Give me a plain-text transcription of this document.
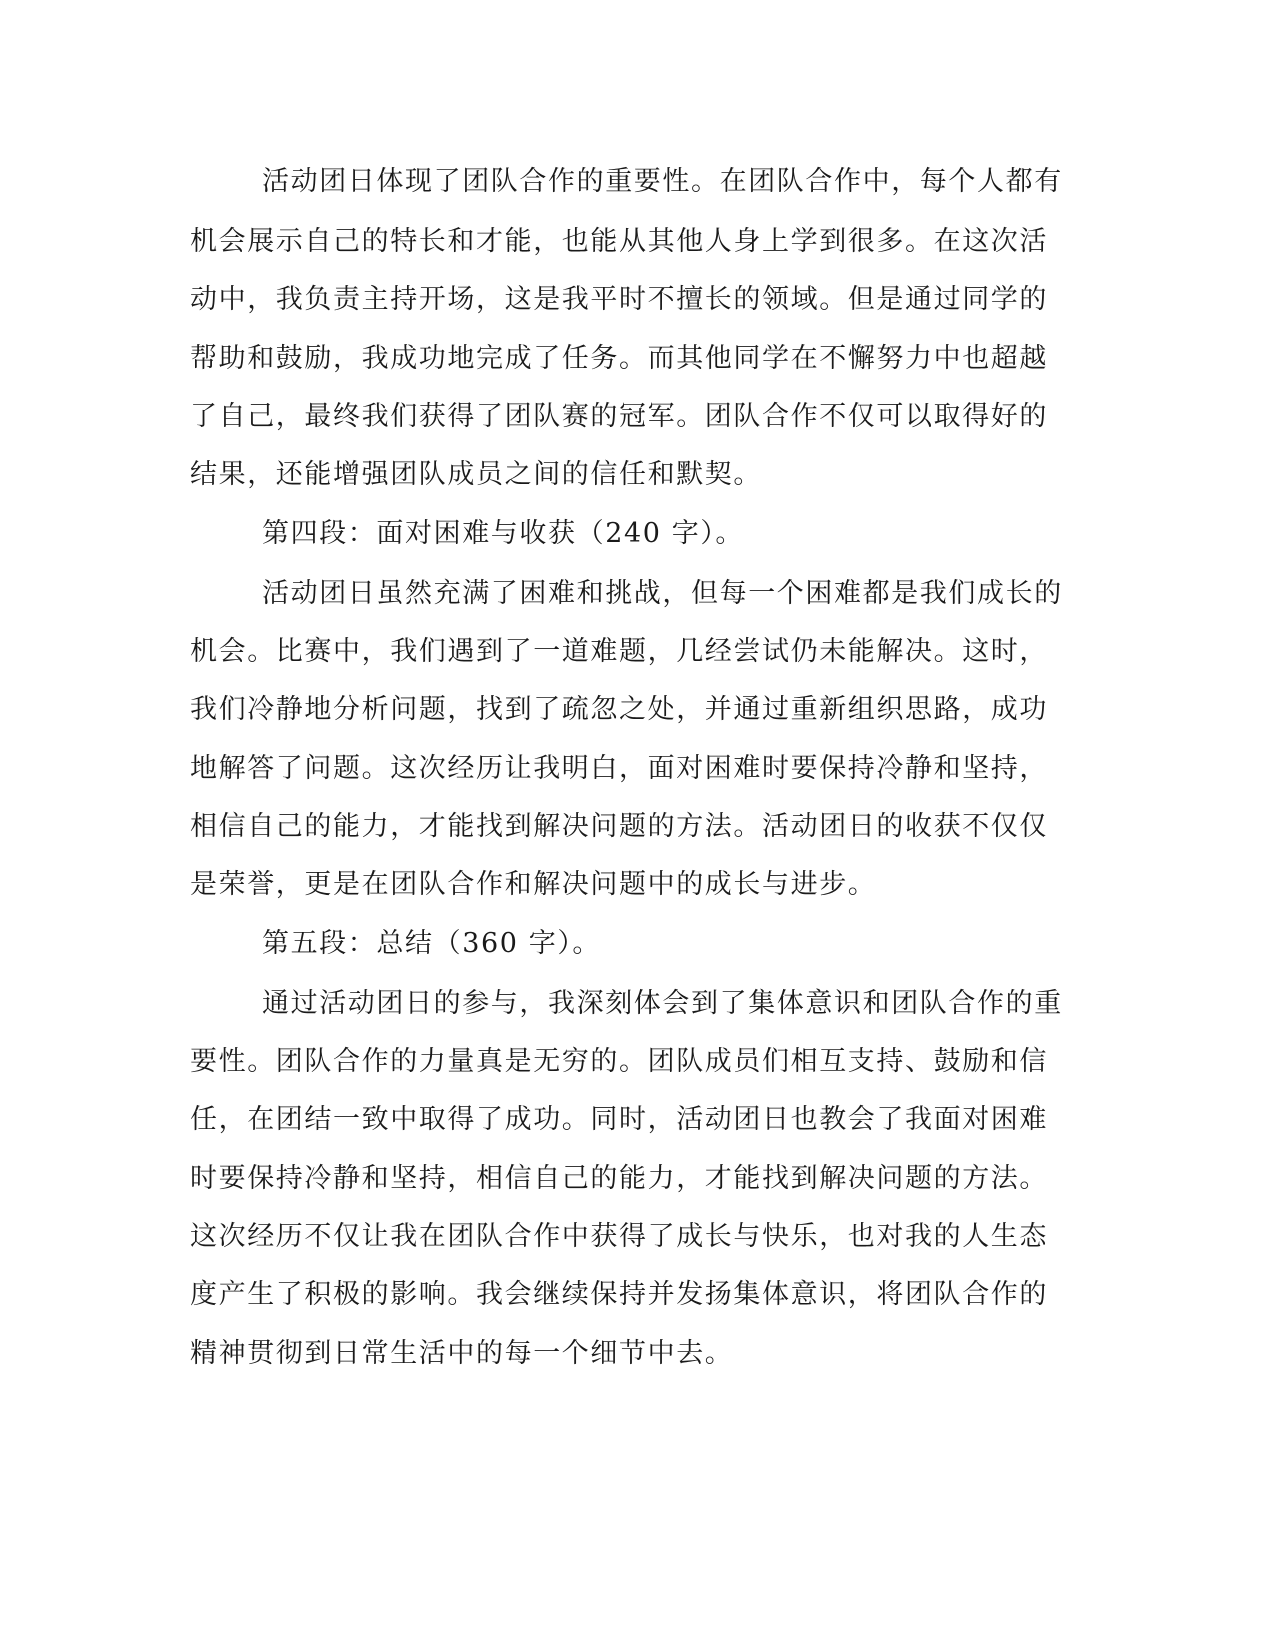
活动团日体现了团队合作的重要性。在团队合作中，每个人都有
机会展示自己的特长和才能，也能从其他人身上学到很多。在这次活
动中，我负责主持开场，这是我平时不擅长的领域。但是通过同学的
帮助和鼓励，我成功地完成了任务。而其他同学在不懈努力中也超越
了自己，最终我们获得了团队赛的冠军。团队合作不仅可以取得好的
结果，还能增强团队成员之间的信任和默契。
第四段：面对困难与收获（240 字）。
活动团日虽然充满了困难和挑战，但每一个困难都是我们成长的
机会。比赛中，我们遇到了一道难题，几经尝试仍未能解决。这时，
我们冷静地分析问题，找到了疏忽之处，并通过重新组织思路，成功
地解答了问题。这次经历让我明白，面对困难时要保持冷静和坚持，
相信自己的能力，才能找到解决问题的方法。活动团日的收获不仅仅
是荣誉，更是在团队合作和解决问题中的成长与进步。
第五段：总结（360 字）。
通过活动团日的参与，我深刻体会到了集体意识和团队合作的重
要性。团队合作的力量真是无穷的。团队成员们相互支持、鼓励和信
任，在团结一致中取得了成功。同时，活动团日也教会了我面对困难
时要保持冷静和坚持，相信自己的能力，才能找到解决问题的方法。
这次经历不仅让我在团队合作中获得了成长与快乐，也对我的人生态
度产生了积极的影响。我会继续保持并发扬集体意识，将团队合作的
精神贯彻到日常生活中的每一个细节中去。
